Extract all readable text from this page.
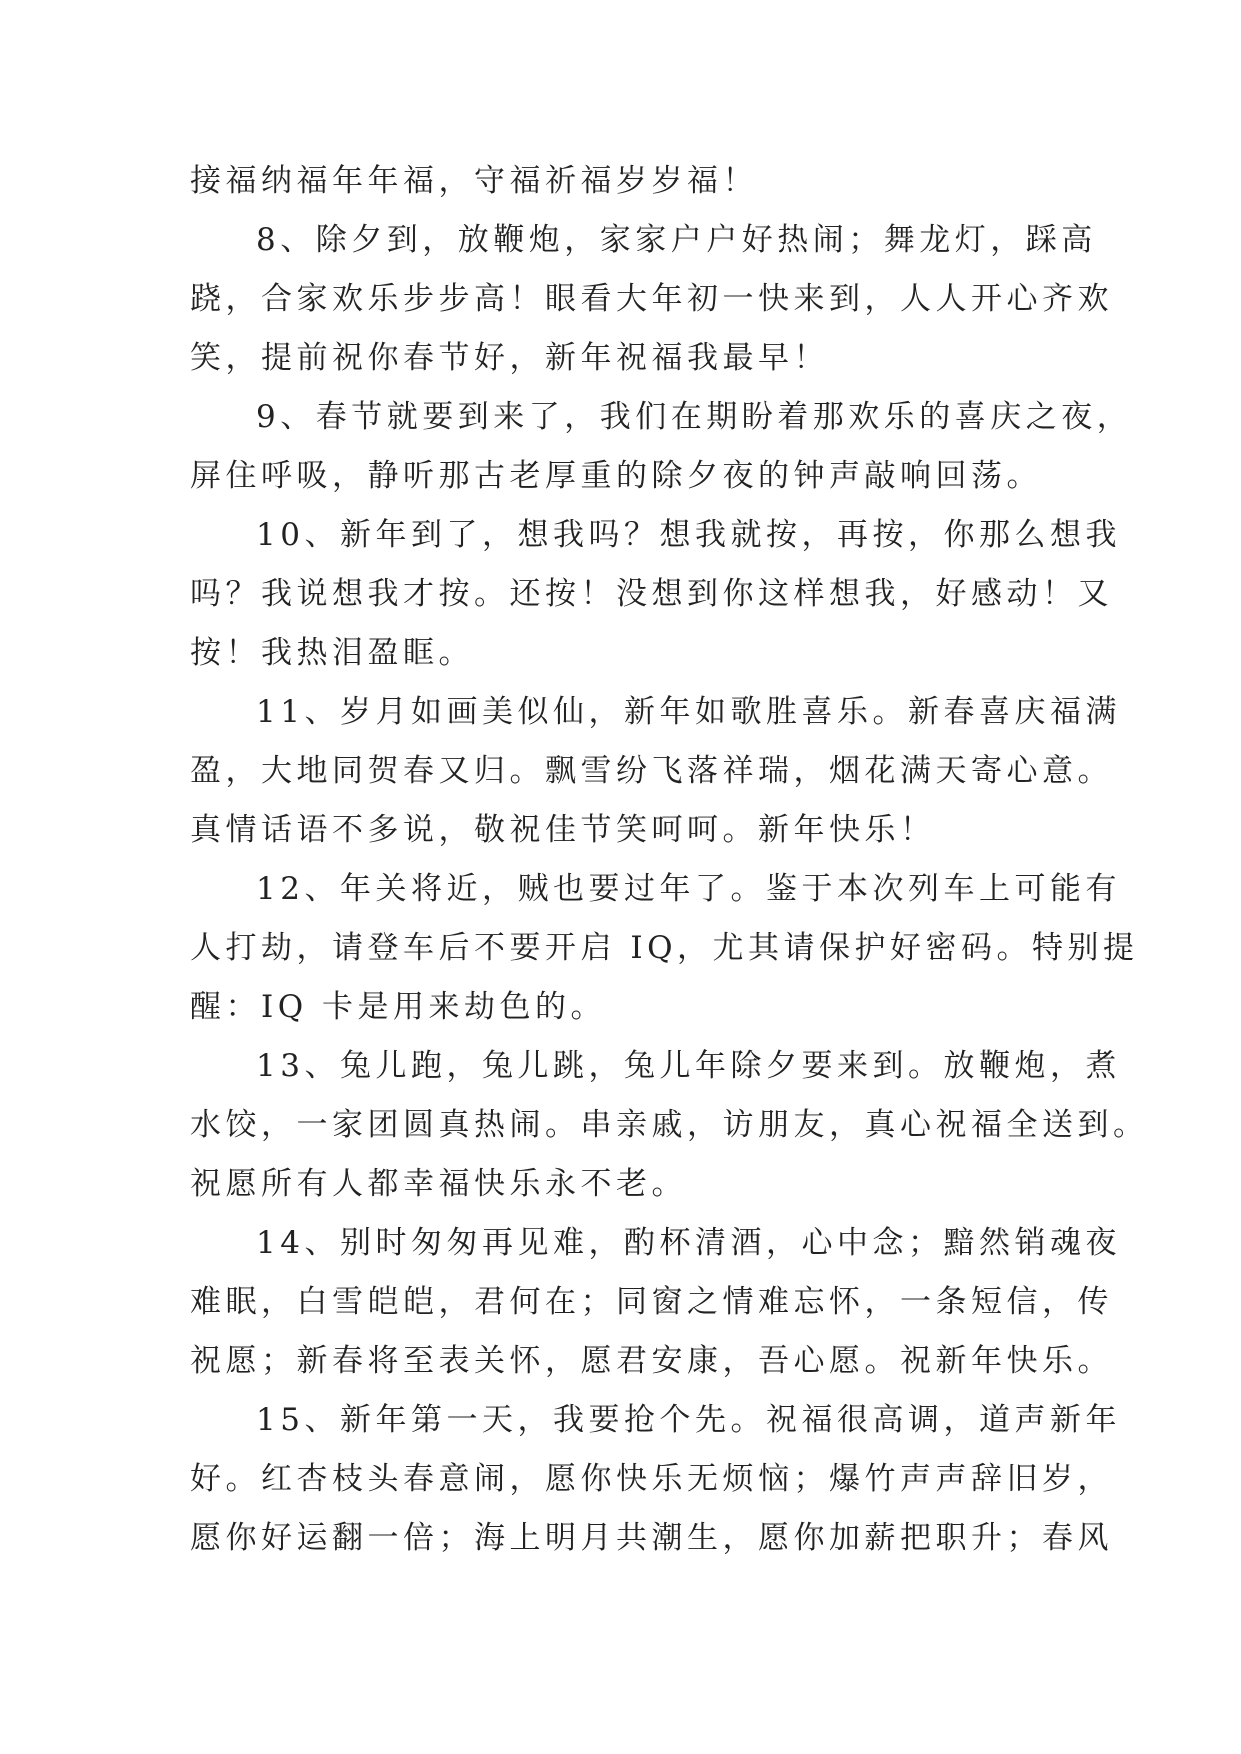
接福纳福年年福，守福祈福岁岁福！
8、除夕到，放鞭炮，家家户户好热闹；舞龙灯，踩高
跷，合家欢乐步步高！眼看大年初一快来到，人人开心齐欢
笑，提前祝你春节好，新年祝福我最早！
9、春节就要到来了，我们在期盼着那欢乐的喜庆之夜，
屏住呼吸，静听那古老厚重的除夕夜的钟声敲响回荡。
10、新年到了，想我吗？想我就按，再按，你那么想我
吗？我说想我才按。还按！没想到你这样想我，好感动！又
按！我热泪盈眶。
11、岁月如画美似仙，新年如歌胜喜乐。新春喜庆福满
盈，大地同贺春又归。飘雪纷飞落祥瑞，烟花满天寄心意。
真情话语不多说，敬祝佳节笑呵呵。新年快乐！
12、年关将近，贼也要过年了。鉴于本次列车上可能有
人打劫，请登车后不要开启 IQ，尤其请保护好密码。特别提
醒：IQ 卡是用来劫色的。
13、兔儿跑，兔儿跳，兔儿年除夕要来到。放鞭炮，煮
水饺，一家团圆真热闹。串亲戚，访朋友，真心祝福全送到。
祝愿所有人都幸福快乐永不老。
14、别时匆匆再见难，酌杯清酒，心中念；黯然销魂夜
难眠，白雪皑皑，君何在；同窗之情难忘怀，一条短信，传
祝愿；新春将至表关怀，愿君安康，吾心愿。祝新年快乐。
15、新年第一天，我要抢个先。祝福很高调，道声新年
好。红杏枝头春意闹，愿你快乐无烦恼；爆竹声声辞旧岁，
愿你好运翻一倍；海上明月共潮生，愿你加薪把职升；春风
